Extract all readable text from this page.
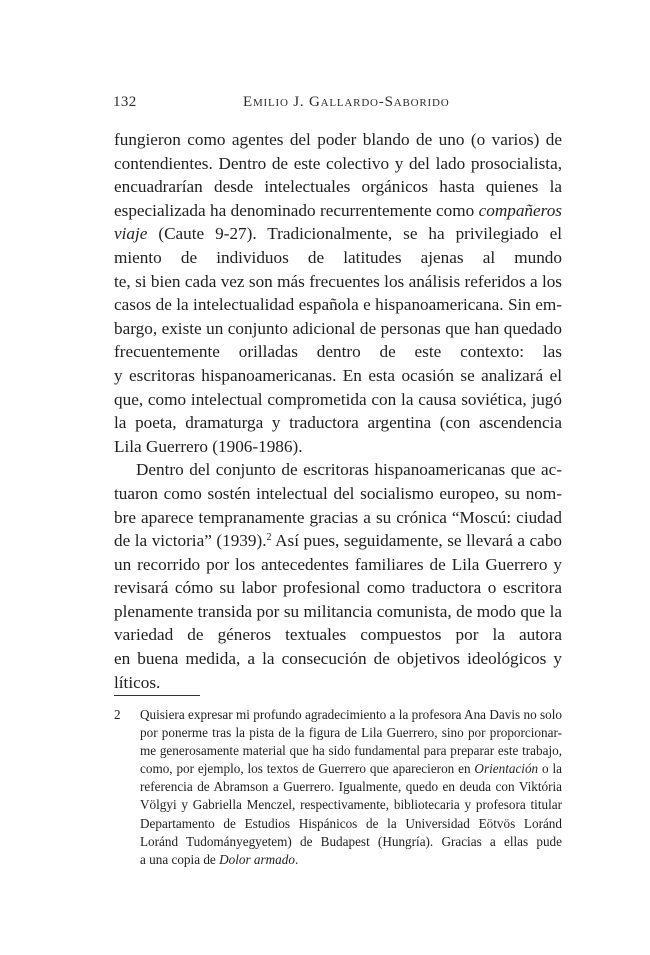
132	Emilio J. Gallardo-Saborido
fungieron como agentes del poder blando de uno (o varios) de
contendientes. Dentro de este colectivo y del lado prosocialista,
encuadrarían desde intelectuales orgánicos hasta quienes la
especializada ha denominado recurrentemente como compañeros
viaje (Caute 9-27). Tradicionalmente, se ha privilegiado el
miento de individuos de latitudes ajenas al mundo
te, si bien cada vez son más frecuentes los análisis referidos a los
casos de la intelectualidad española e hispanoamericana. Sin em-
bargo, existe un conjunto adicional de personas que han quedado
frecuentemente orilladas dentro de este contexto: las
y escritoras hispanoamericanas. En esta ocasión se analizará el
que, como intelectual comprometida con la causa soviética, jugó
la poeta, dramaturga y traductora argentina (con ascendencia
Lila Guerrero (1906-1986).
Dentro del conjunto de escritoras hispanoamericanas que ac-
tuaron como sostén intelectual del socialismo europeo, su nom-
bre aparece tempranamente gracias a su crónica “Moscú: ciudad
de la victoria” (1939).$^2$ Así pues, seguidamente, se llevará a cabo
un recorrido por los antecedentes familiares de Lila Guerrero y
revisará cómo su labor profesional como traductora o escritora
plenamente transida por su militancia comunista, de modo que la
variedad de géneros textuales compuestos por la autora
en buena medida, a la consecución de objetivos ideológicos y
líticos.
2 Quisiera expresar mi profundo agradecimiento a la profesora Ana Davis no solo
por ponerme tras la pista de la figura de Lila Guerrero, sino por proporcionar-
me generosamente material que ha sido fundamental para preparar este trabajo,
como, por ejemplo, los textos de Guerrero que aparecieron en Orientación o la
referencia de Abramson a Guerrero. Igualmente, quedo en deuda con Viktória
Völgyi y Gabriella Menczel, respectivamente, bibliotecaria y profesora titular
Departamento de Estudios Hispánicos de la Universidad Eötvös Loránd
Loránd Tudományegyetem) de Budapest (Hungría). Gracias a ellas pude
a una copia de Dolor armado.
